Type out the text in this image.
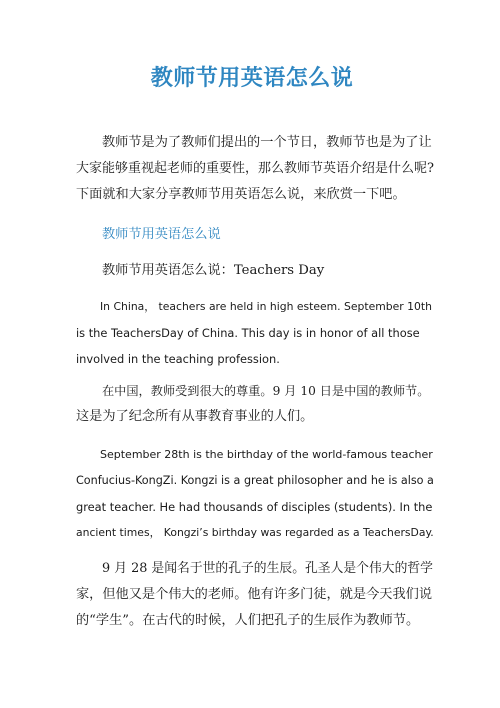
教师节用英语怎么说

教师节是为了教师们提出的一个节日，教师节也是为了让
大家能够重视起老师的重要性，那么教师节英语介绍是什么呢?
下面就和大家分享教师节用英语怎么说，来欣赏一下吧。

教师节用英语怎么说

教师节用英语怎么说：Teachers Day

In China， teachers are held in high esteem. September 10th
is the TeachersDay of China. This day is in honor of all those
involved in the teaching profession.

在中国，教师受到很大的尊重。9 月 10 日是中国的教师节。
这是为了纪念所有从事教育事业的人们。

September 28th is the birthday of the world-famous teacher
Confucius-KongZi. Kongzi is a great philosopher and he is also a
great teacher. He had thousands of disciples (students). In the
ancient times， Kongzi’s birthday was regarded as a TeachersDay.

9 月 28 是闻名于世的孔子的生辰。孔圣人是个伟大的哲学
家，但他又是个伟大的老师。他有许多门徒，就是今天我们说
的“学生”。在古代的时候，人们把孔子的生辰作为教师节。
